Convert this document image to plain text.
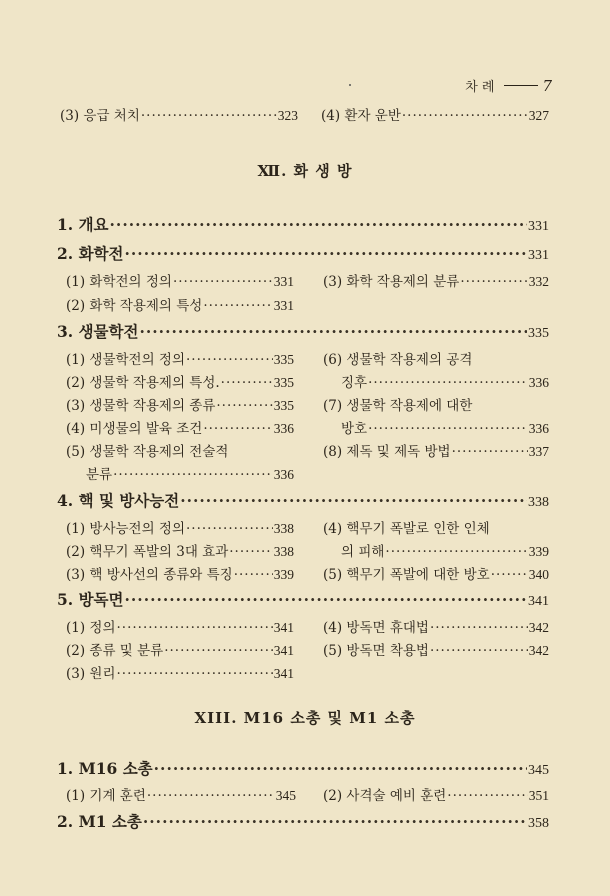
차 례	7
(3) 응급 처치 ·····	323 (4) 환자 운반 ·····	327
Ⅻ. 화 생 방
1. 개요 ·····	331
2. 화학전 ·····	331
(1) 화학전의 정의 ·····	331 (3) 화학 작용제의 분류 ·····	332
(2) 화학 작용제의 특성 ·····	331
3. 생물학전 ·····	335
(1) 생물학전의 정의 ·····	335
(2) 생물학 작용제의 특성. ·····	335
(3) 생물학 작용제의 종류 ·····	335
(4) 미생물의 발육 조건 ·····	336
(5) 생물학 작용제의 전술적
분류 ·····	336
(6) 생물학 작용제의 공격
징후 ·····	336
(7) 생물학 작용제에 대한
방호 ·····	336
(8) 제독 및 제독 방법 ·····	337
4. 핵 및 방사능전 ·····	338
(1) 방사능전의 정의 ·····	338
(2) 핵무기 폭발의 3대 효과 ·····	338
(3) 핵 방사선의 종류와 특징 ·····	339
(4) 핵무기 폭발로 인한 인체
의 피해 ·····	339
(5) 핵무기 폭발에 대한 방호 ·····	340
5. 방독면 ·····	341
(1) 정의 ·····	341
(2) 종류 및 분류 ·····	341
(3) 원리 ·····	341
(4) 방독면 휴대법 ·····	342
(5) 방독면 착용법 ·····	342
XIII. M16 소총 및 M1 소총
1. M16 소총 ·····	345
(1) 기계 훈련 ·····	345 (2) 사격술 예비 훈련 ·····	351
2. M1 소총 ·····	358
